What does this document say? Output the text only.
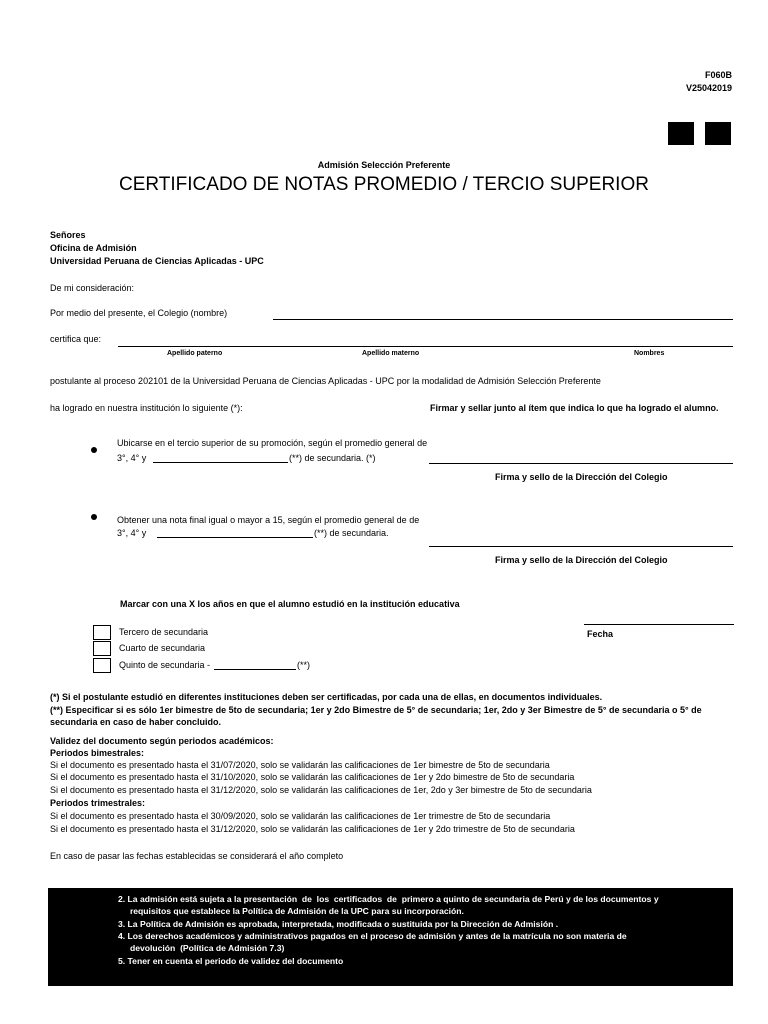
F060B
V25042019
Admisión Selección Preferente
CERTIFICADO DE NOTAS PROMEDIO / TERCIO SUPERIOR
Señores
Oficina de Admisión
Universidad Peruana de Ciencias Aplicadas - UPC
De mi consideración:
Por medio del presente, el Colegio (nombre)
certifica que:
Apellido paterno	Apellido materno	Nombres
postulante al proceso 202101 de la Universidad Peruana de Ciencias Aplicadas - UPC por la modalidad de Admisión Selección Preferente
ha logrado en nuestra institución lo siguiente (*):	Firmar y sellar junto al ítem que indica lo que ha logrado el alumno.
Ubicarse en el tercio superior de su promoción, según el promedio general de
3°, 4° y	(**) de secundaria. (*)
Firma y sello de la Dirección del Colegio
Obtener una nota final igual o mayor a 15, según el promedio general de de
3°, 4° y	(**) de secundaria.
Firma y sello de la Dirección del Colegio
Marcar con una X los años en que el alumno estudió en la institución educativa
Tercero de secundaria
Cuarto de secundaria
Quinto de secundaria -	(**)
Fecha
(*) Si el postulante estudió en diferentes instituciones deben ser certificadas, por cada una de ellas, en documentos individuales.
(**) Especificar si es sólo 1er bimestre de 5to de secundaria; 1er y 2do Bimestre de 5° de secundaria; 1er, 2do y 3er Bimestre de 5° de secundaria o 5° de
secundaria en caso de haber concluido.
Validez del documento según periodos académicos:
Periodos bimestrales:
Si el documento es presentado hasta el 31/07/2020, solo se validarán las calificaciones de 1er bimestre de 5to de secundaria
Si el documento es presentado hasta el 31/10/2020, solo se validarán las calificaciones de 1er y 2do bimestre de 5to de secundaria
Si el documento es presentado hasta el 31/12/2020, solo se validarán las calificaciones de 1er, 2do y 3er bimestre de 5to de secundaria
Periodos trimestrales:
Si el documento es presentado hasta el 30/09/2020, solo se validarán las calificaciones de 1er trimestre de 5to de secundaria
Si el documento es presentado hasta el 31/12/2020, solo se validarán las calificaciones de 1er y 2do trimestre de 5to de secundaria
En caso de pasar las fechas establecidas se considerará el año completo
2. La admisión está sujeta a la presentación  de  los  certificados  de  primero a quinto de secundaria de Perú y de los documentos y
requisitos que establece la Política de Admisión de la UPC para su incorporación.
3. La Política de Admisión es aprobada, interpretada, modificada o sustituida por la Dirección de Admisión .
4. Los derechos académicos y administrativos pagados en el proceso de admisión y antes de la matrícula no son materia de
devolución  (Política de Admisión 7.3)
5. Tener en cuenta el periodo de validez del documento
